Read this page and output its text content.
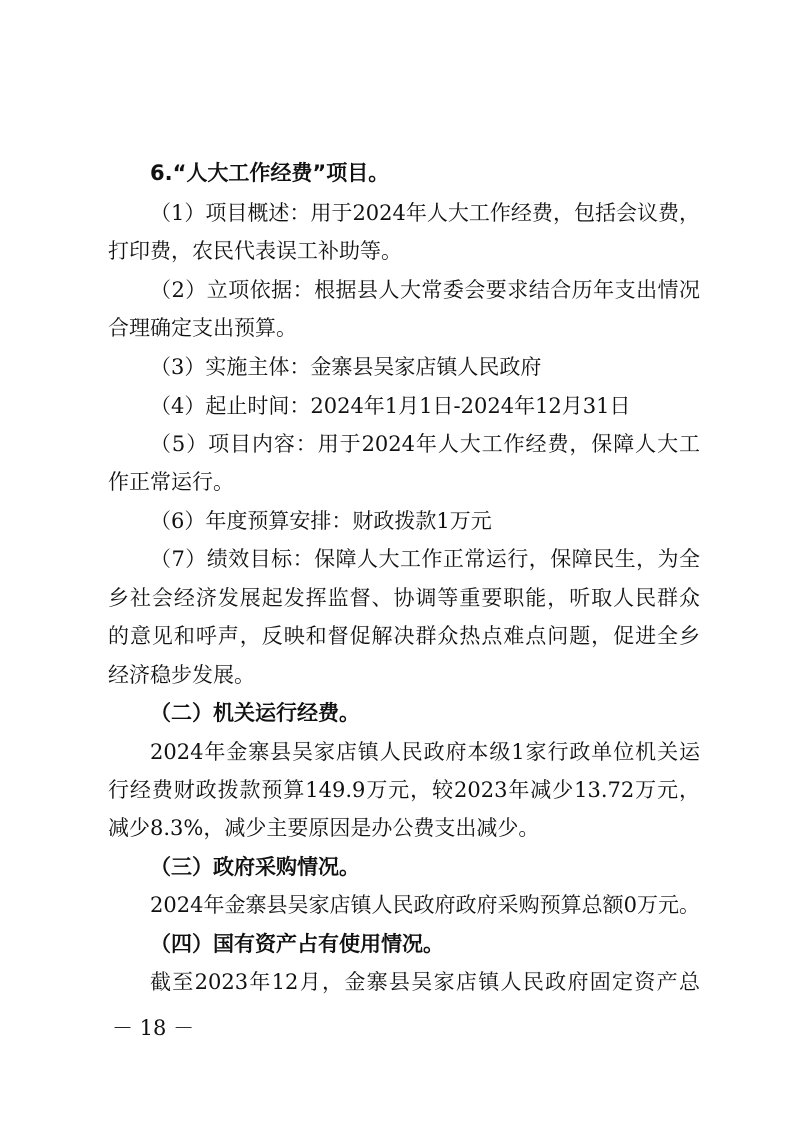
6.“人大工作经费”项目。
（1）项目概述：用于2024年人大工作经费，包括会议费，
打印费，农民代表误工补助等。
（2）立项依据：根据县人大常委会要求结合历年支出情况
合理确定支出预算。
（3）实施主体：金寨县吴家店镇人民政府
（4）起止时间：2024年1月1日-2024年12月31日
（5）项目内容：用于2024年人大工作经费，保障人大工
作正常运行。
（6）年度预算安排：财政拨款1万元
（7）绩效目标：保障人大工作正常运行，保障民生，为全
乡社会经济发展起发挥监督、协调等重要职能，听取人民群众
的意见和呼声，反映和督促解决群众热点难点问题，促进全乡
经济稳步发展。
（二）机关运行经费。
2024年金寨县吴家店镇人民政府本级1家行政单位机关运
行经费财政拨款预算149.9万元，较2023年减少13.72万元，
减少8.3%，减少主要原因是办公费支出减少。
（三）政府采购情况。
2024年金寨县吴家店镇人民政府政府采购预算总额0万元。
（四）国有资产占有使用情况。
截至2023年12月，金寨县吴家店镇人民政府固定资产总
－ 18 －
